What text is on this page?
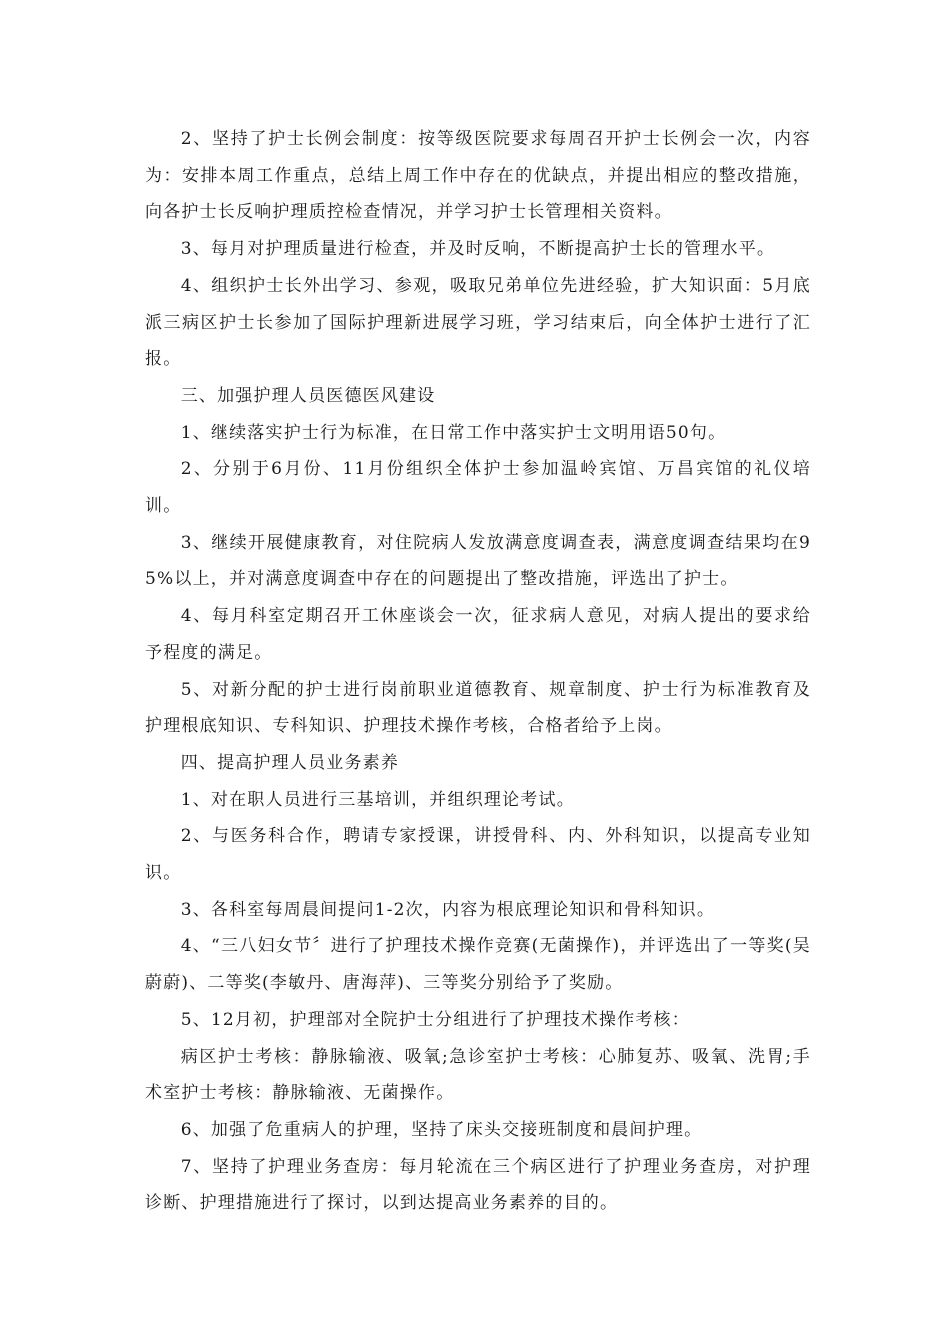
2、坚持了护士长例会制度：按等级医院要求每周召开护士长例会一次，内容为：安排本周工作重点，总结上周工作中存在的优缺点，并提出相应的整改措施，向各护士长反响护理质控检查情况，并学习护士长管理相关资料。

3、每月对护理质量进行检查，并及时反响，不断提高护士长的管理水平。

4、组织护士长外出学习、参观，吸取兄弟单位先进经验，扩大知识面：5月底派三病区护士长参加了国际护理新进展学习班，学习结束后，向全体护士进行了汇报。

三、加强护理人员医德医风建设

1、继续落实护士行为标准，在日常工作中落实护士文明用语50句。

2、分别于6月份、11月份组织全体护士参加温岭宾馆、万昌宾馆的礼仪培训。

3、继续开展健康教育，对住院病人发放满意度调查表，满意度调查结果均在95%以上，并对满意度调查中存在的问题提出了整改措施，评选出了护士。

4、每月科室定期召开工休座谈会一次，征求病人意见，对病人提出的要求给予程度的满足。

5、对新分配的护士进行岗前职业道德教育、规章制度、护士行为标准教育及护理根底知识、专科知识、护理技术操作考核，合格者给予上岗。

四、提高护理人员业务素养

1、对在职人员进行三基培训，并组织理论考试。

2、与医务科合作，聘请专家授课，讲授骨科、内、外科知识，以提高专业知识。

3、各科室每周晨间提问1-2次，内容为根底理论知识和骨科知识。

4、“三八妇女节〞进行了护理技术操作竞赛(无菌操作)，并评选出了一等奖(吴蔚蔚)、二等奖(李敏丹、唐海萍)、三等奖分别给予了奖励。

5、12月初，护理部对全院护士分组进行了护理技术操作考核：

病区护士考核：静脉输液、吸氧;急诊室护士考核：心肺复苏、吸氧、洗胃;手术室护士考核：静脉输液、无菌操作。

6、加强了危重病人的护理，坚持了床头交接班制度和晨间护理。

7、坚持了护理业务查房：每月轮流在三个病区进行了护理业务查房，对护理诊断、护理措施进行了探讨，以到达提高业务素养的目的。
